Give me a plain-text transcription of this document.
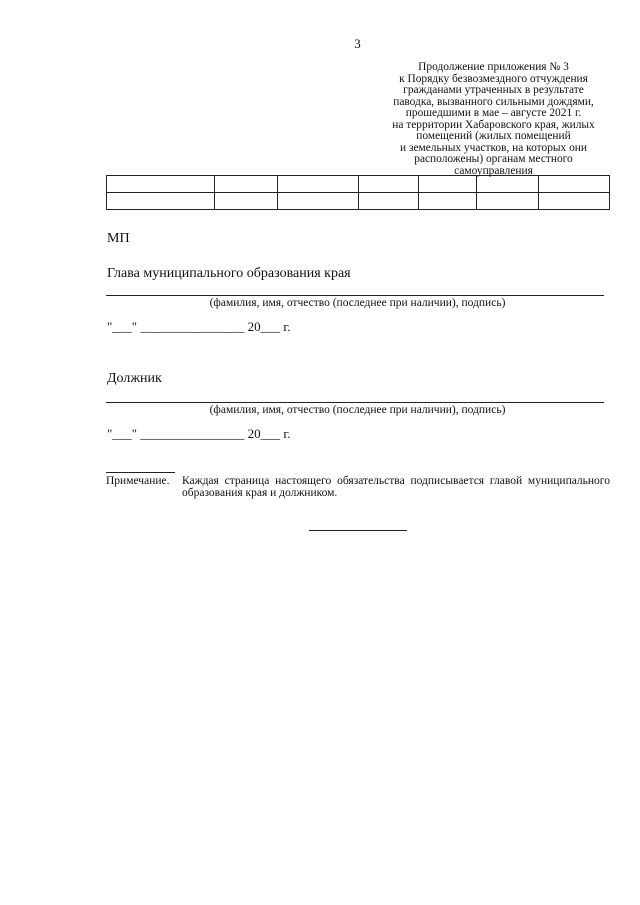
3
Продолжение приложения № 3
к Порядку безвозмездного отчуждения
гражданами утраченных в результате
паводка, вызванного сильными дождями,
прошедшими в мае – августе 2021 г.
на территории Хабаровского края, жилых
помещений (жилых помещений
и земельных участков, на которых они
расположены) органам местного
самоуправления

МП
Глава муниципального образования края
(фамилия, имя, отчество (последнее при наличии), подпись)
"___" ________________ 20___ г.
Должник
(фамилия, имя, отчество (последнее при наличии), подпись)
"___" ________________ 20___ г.
Примечание. Каждая страница настоящего обязательства подписывается главой муниципального образования края и должником.
